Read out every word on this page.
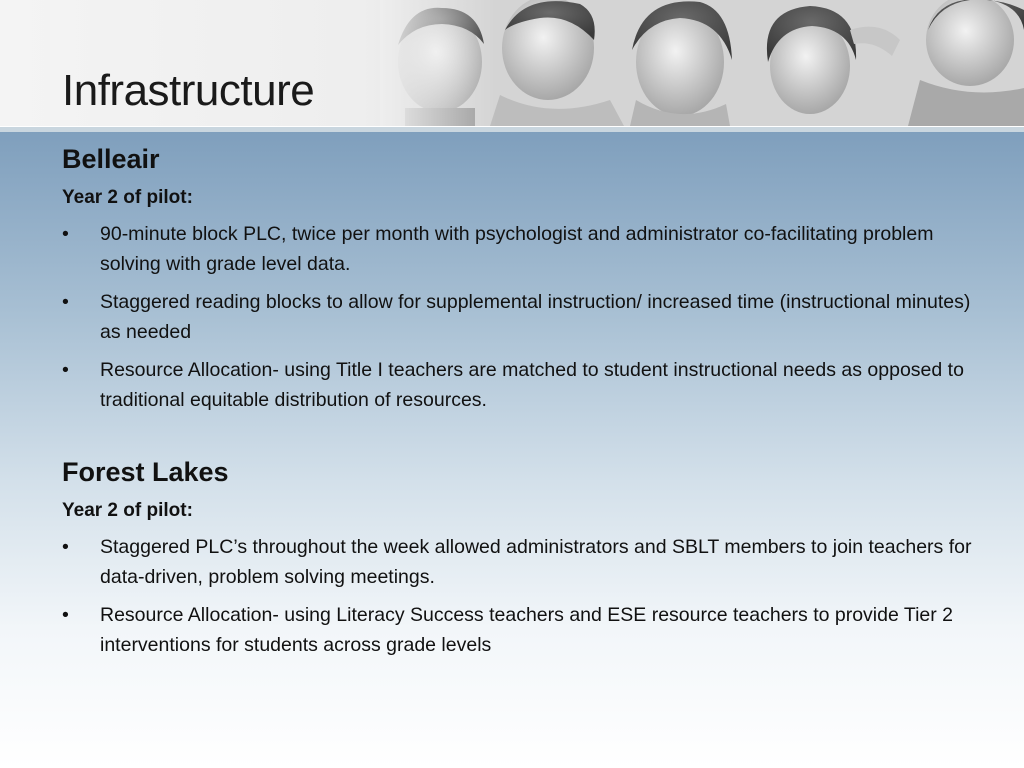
Infrastructure
Belleair
Year 2 of pilot:
• 90-minute block PLC, twice per month with psychologist and administrator co-facilitating problem solving with grade level data.
• Staggered reading blocks to allow for supplemental instruction/ increased time (instructional minutes) as needed
• Resource Allocation- using Title I teachers are matched to student instructional needs as opposed to traditional equitable distribution of resources.
Forest Lakes
Year 2 of pilot:
• Staggered PLC’s throughout the week allowed administrators and SBLT members to join teachers for data-driven, problem solving meetings.
• Resource Allocation- using Literacy Success teachers and ESE resource teachers to provide Tier 2 interventions for students across grade levels
